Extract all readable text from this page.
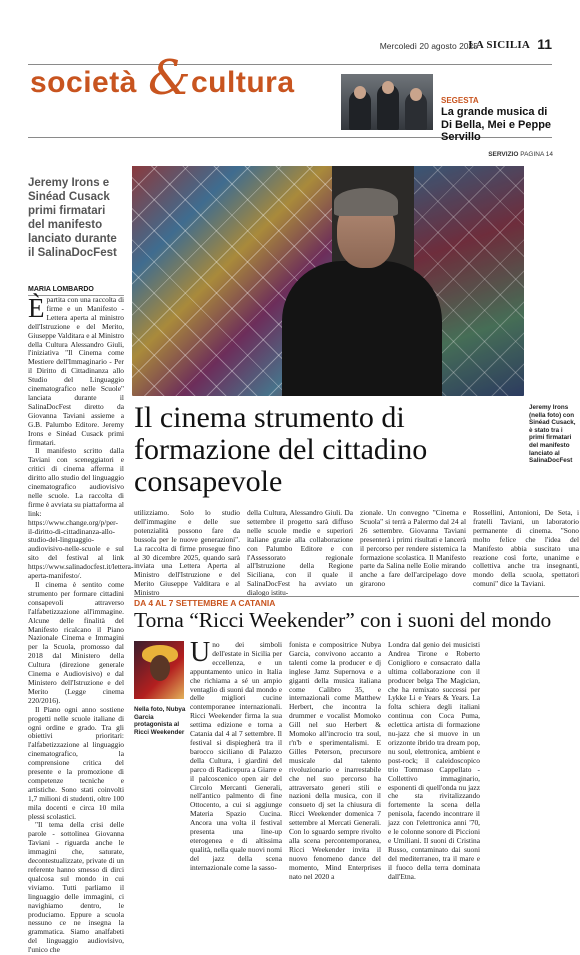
Mercoledì 20 agosto 2025
LA SICILIA 11
società & cultura
SEGESTA
La grande musica di Di Bella, Mei e Peppe Servillo
SERVIZIO PAGINA 14
Jeremy Irons e Sinéad Cusack primi firmatari del manifesto lanciato durante il SalinaDocFest
MARIA LOMBARDO

Èpartita con una raccolta di firme e un Manifesto - Lettera aperta al ministro dell'Istruzione e del Merito, Giuseppe Valditara e al Ministro della Cultura Alessandro Giuli, l'iniziativa "Il Cinema come Mestiere dell'Immaginario - Per il Diritto di Cittadinanza allo Studio del Linguaggio cinematografico nelle Scuole" lanciata durante il SalinaDocFest diretto da Giovanna Taviani assieme a G.B. Palumbo Editore. Jeremy Irons e Sinéad Cusack primi firmatari.

Il manifesto scritto dalla Taviani con sceneggiatori e critici di cinema afferma il diritto allo studio del linguaggio cinematografico audiovisivo nelle scuole. La raccolta di firme è avviata su piattaforma al link: https://www.change.org/p/per-il-diritto-di-cittadinanza-allo-studio-del-linguaggio-audiovisivo-nelle-scuole e sul sito del festival al link https://www.salinadocfest.it/lettera-aperta-manifesto/.

Il cinema è sentito come strumento per formare cittadini consapevoli attraverso l'alfabetizzazione all'immagine. Alcune delle finalità del Manifesto ricalcano il Piano Nazionale Cinema e Immagini per la Scuola, promosso dal 2018 dal Ministero della Cultura (direzione generale Cinema e Audiovisivo) e dal Ministero dell'Istruzione e del Merito (Legge cinema 220/2016).

Il Piano ogni anno sostiene progetti nelle scuole italiane di ogni ordine e grado. Tra gli obiettivi prioritari: l'alfabetizzazione al linguaggio cinematografico, la comprensione critica del presente e la promozione di competenze tecniche e artistiche. Sono stati coinvolti 1,7 milioni di studenti, oltre 100 mila docenti e circa 10 mila plessi scolastici.

"Il tema della crisi delle parole - sottolinea Giovanna Taviani - riguarda anche le immagini che, saturate, decontestualizzate, private di un referente hanno smesso di dirci qualcosa sul mondo in cui viviamo. Tutti parliamo il linguaggio delle immagini, ci navighiamo dentro, le produciamo. Eppure a scuola nessuno ce ne insegna la grammatica. Siamo analfabeti del linguaggio audiovisivo, l'unico che

Jeremy Irons (nella foto) con Sinéad Cusack, è stato tra i primi firmatari del manifesto lanciato al SalinaDocFest
Il cinema strumento di formazione del cittadino consapevole
utilizziamo. Solo lo studio dell'immagine e delle sue potenzialità possono fare da bussola per le nuove generazioni". La raccolta di firme prosegue fino al 30 dicembre 2025, quando sarà inviata una Lettera Aperta al Ministro dell'Istruzione e del Merito Giuseppe Valditara e al Ministro
della Cultura, Alessandro Giuli. Da settembre il progetto sarà diffuso nelle scuole medie e superiori italiane grazie alla collaborazione con Palumbo Editore e con l'Assessorato regionale all'Istruzione della Regione Siciliana, con il quale il SalinaDocFest ha avviato un dialogo istitu-
zionale. Un convegno "Cinema e Scuola" si terrà a Palermo dal 24 al 26 settembre. Giovanna Taviani presenterà i primi risultati e lancerà il percorso per rendere sistemica la formazione scolastica. Il Manifesto parte da Salina nelle Eolie mirando anche a fare dell'arcipelago dove girarono
Rossellini, Antonioni, De Seta, i fratelli Taviani, un laboratorio permanente di cinema. "Sono molto felice che l'idea del Manifesto abbia suscitato una reazione così forte, unanime e collettiva anche tra insegnanti, mondo della scuola, spettatori comuni" dice la Taviani.
DA 4 AL 7 SETTEMBRE A CATANIA
Torna “Ricci Weekender” con i suoni del mondo
Nella foto, Nubya Garcia protagonista al Ricci Weekender
Uno dei simboli dell'estate in Sicilia per eccellenza, e un appuntamento unico in Italia che richiama a sé un ampio ventaglio di suoni dal mondo e delle migliori cucine contemporanee internazionali. Ricci Weekender firma la sua settima edizione e torna a Catania dal 4 al 7 settembre. Il festival si dispiegherà tra il barocco siciliano di Palazzo della Cultura, i giardini del parco di Radicepura a Giarre e il palcoscenico open air del Circolo Mercanti Generali, nell'antico palmento di fine Ottocento, a cui si aggiunge Materia Spazio Cucina. Ancora una volta il festival presenta una line-up eterogenea e di altissima qualità, nella quale nuovi nomi del jazz della scena internazionale come la sasso-
fonista e compositrice Nubya Garcia, convivono accanto a talenti come la producer e dj inglese Jamz Supernova e a giganti della musica italiana come Calibro 35, e internazionali come Matthew Herbert, che incontra la drummer e vocalist Momoko Gill nel suo Herbert & Momoko all'incrocio tra soul, r'n'b e sperimentalismi. E Gilles Peterson, precursore musicale dal talento rivoluzionario e inarrestabile che nel suo percorso ha attraversato generi stili e nazioni della musica, con il consueto dj set la chiusura di Ricci Weekender domenica 7 settembre al Mercati Generali. Con lo sguardo sempre rivolto alla scena percontemporanea, Ricci Weekender invita il nuovo fenomeno dance del momento, Mind Enterprises nato nel 2020 a
Londra dal genio dei musicisti Andrea Tirone e Roberto Coniglioro e consacrato dalla ultima collaborazione con il producer belga The Magician, che ha remixato successi per Lykke Li e Years & Years. La folta schiera degli italiani continua con Coca Puma, eclettica artista di formazione nu-jazz che si muove in un orizzonte ibrido tra dream pop, nu soul, elettronica, ambient e post-rock; il caleidoscopico trio Tommaso Cappellato - Collettivo immaginario, esponenti di quell'onda nu jazz che sta rivitalizzando fortemente la scena della penisola, facendo incontrare il jazz con l'elettronica anni '70, e le colonne sonore di Piccioni e Umiliani. Il suoni di Cristina Russo, contaminato dai suoni del mediterraneo, tra il mare e il fuoco della terra dominata dall'Etna.
